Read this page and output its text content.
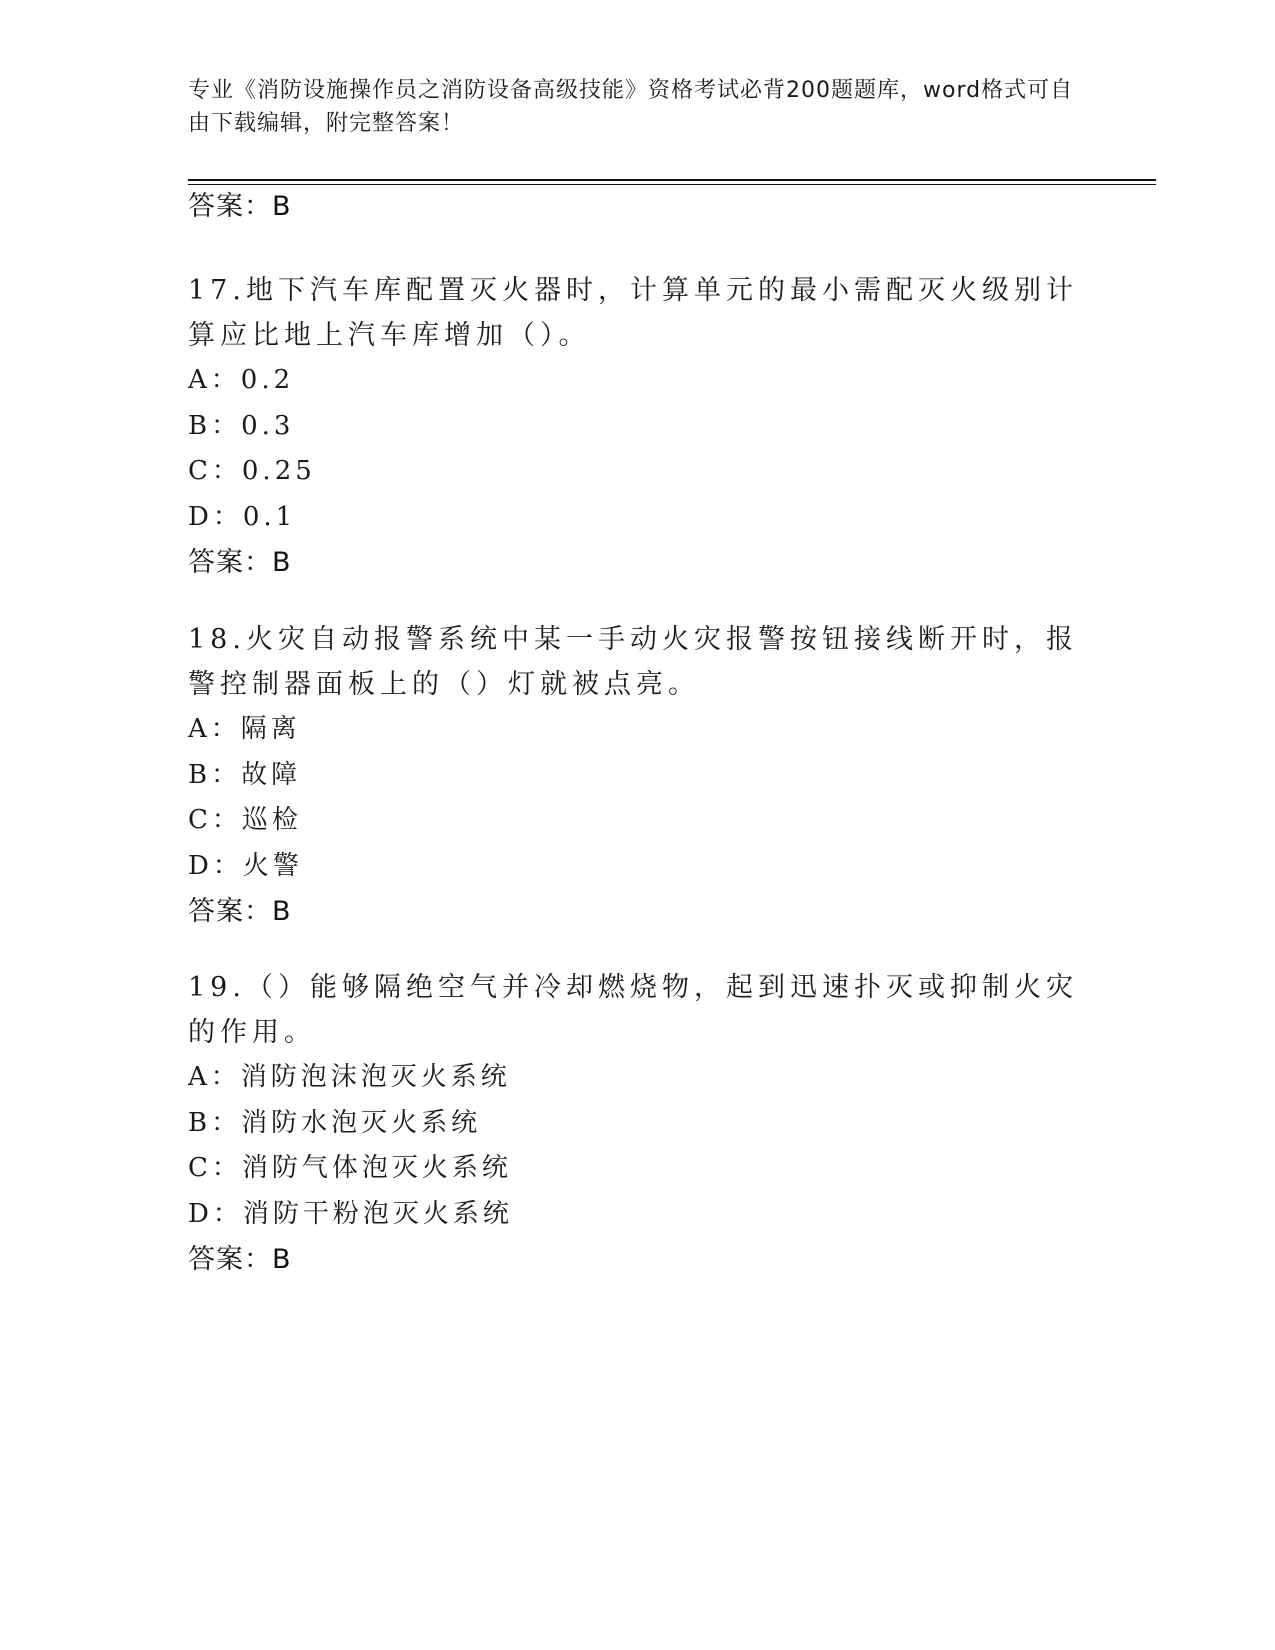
专业《消防设施操作员之消防设备高级技能》资格考试必背200题题库，word格式可自由下载编辑，附完整答案！
答案：B

17.地下汽车库配置灭火器时，计算单元的最小需配灭火级别计算应比地上汽车库增加（）。

A：0.2

B：0.3

C：0.25

D：0.1

答案：B

18.火灾自动报警系统中某一手动火灾报警按钮接线断开时，报警控制器面板上的（）灯就被点亮。

A：隔离

B：故障

C：巡检

D：火警

答案：B

19.（）能够隔绝空气并冷却燃烧物，起到迅速扑灭或抑制火灾的作用。

A：消防泡沫泡灭火系统

B：消防水泡灭火系统

C：消防气体泡灭火系统

D：消防干粉泡灭火系统

答案：B
